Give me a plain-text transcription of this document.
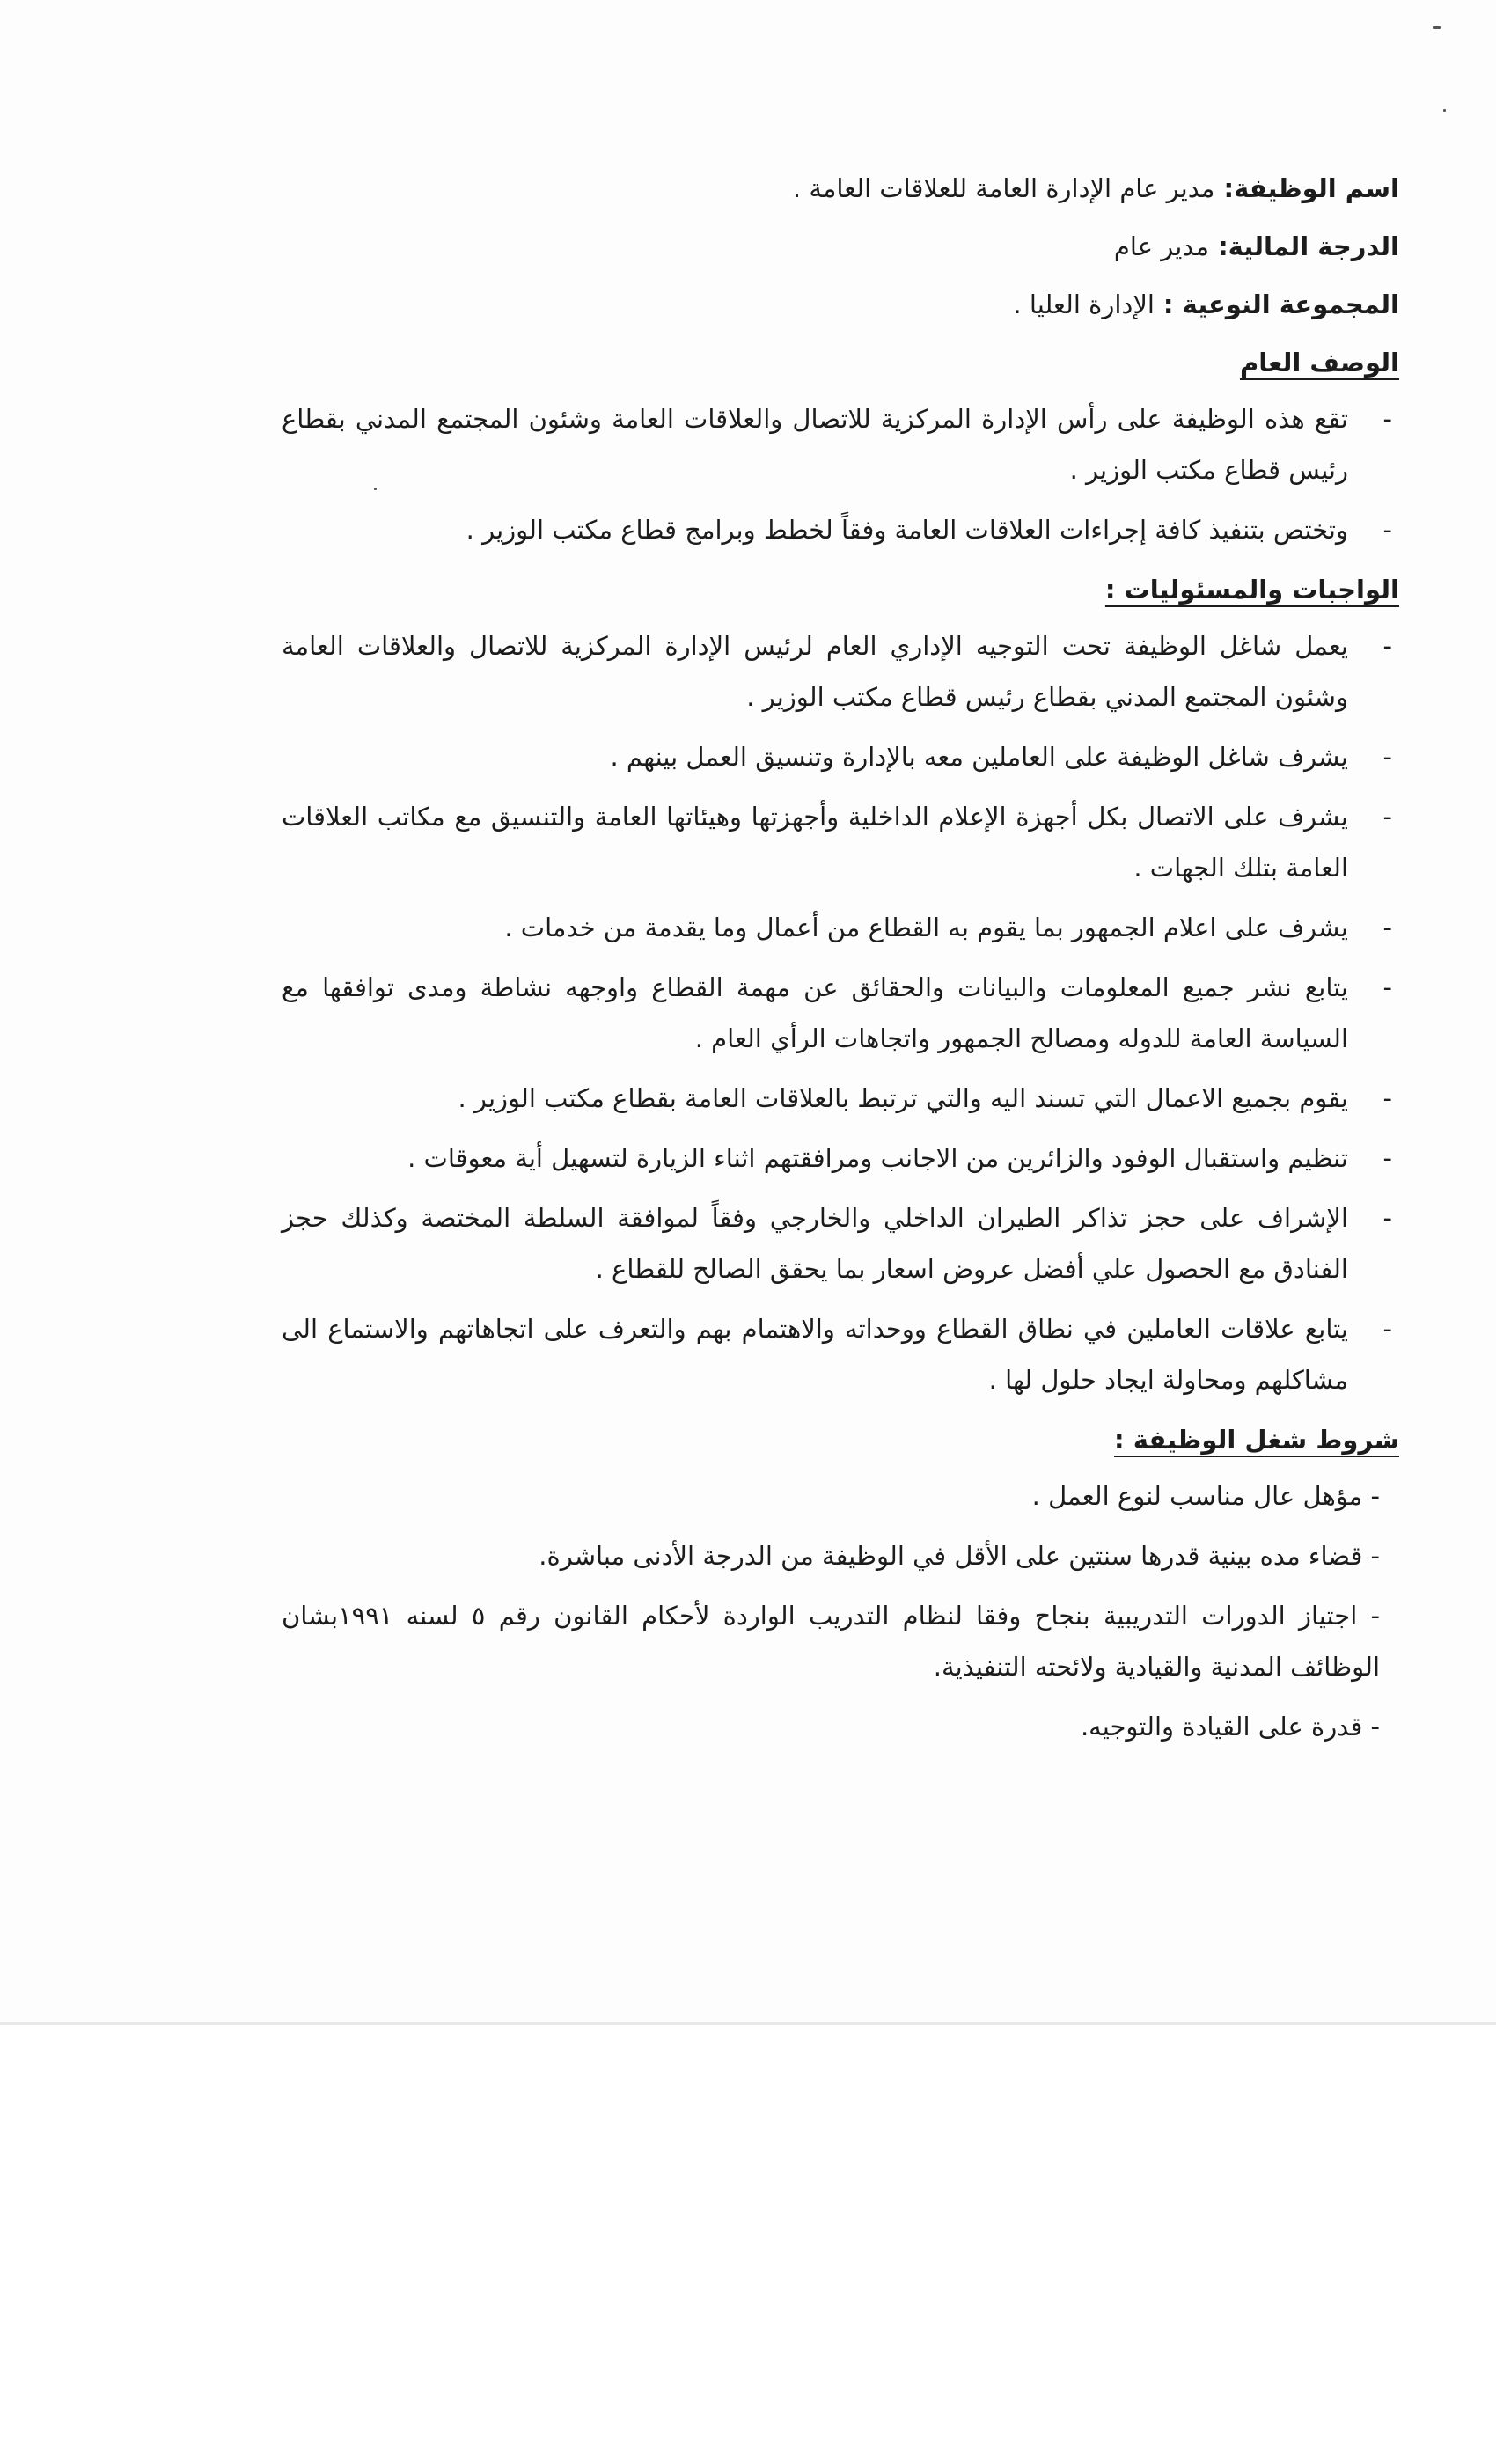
اسم الوظيفة:مدير عام الإدارة العامة للعلاقات العامة .
الدرجة المالية:مدير عام
المجموعة النوعية :الإدارة العليا .
الوصف العام
- تقع هذه الوظيفة على رأس الإدارة المركزية للاتصال والعلاقات العامة وشئون المجتمع المدني بقطاع رئيس قطاع مكتب الوزير .
- وتختص بتنفيذ كافة إجراءات العلاقات العامة وفقاً لخطط وبرامج قطاع مكتب الوزير .
الواجبات والمسئوليات :
- يعمل شاغل الوظيفة تحت التوجيه الإداري العام لرئيس الإدارة المركزية للاتصال والعلاقات العامة وشئون المجتمع المدني بقطاع رئيس قطاع مكتب الوزير .
- يشرف شاغل الوظيفة على العاملين معه بالإدارة وتنسيق العمل بينهم .
- يشرف على الاتصال بكل أجهزة الإعلام الداخلية وأجهزتها وهيئاتها العامة والتنسيق مع مكاتب العلاقات العامة بتلك الجهات .
- يشرف على اعلام الجمهور بما يقوم به القطاع من أعمال وما يقدمة من خدمات .
- يتابع نشر جميع المعلومات والبيانات والحقائق عن مهمة القطاع واوجهه نشاطة ومدى توافقها مع السياسة العامة للدوله ومصالح الجمهور واتجاهات الرأي العام .
- يقوم بجميع الاعمال التي تسند اليه والتي ترتبط بالعلاقات العامة بقطاع مكتب الوزير .
- تنظيم واستقبال الوفود والزائرين من الاجانب ومرافقتهم اثناء الزيارة لتسهيل أية معوقات .
- الإشراف على حجز تذاكر الطيران الداخلي والخارجي وفقاً لموافقة السلطة المختصة وكذلك حجز الفنادق مع الحصول علي أفضل عروض اسعار بما يحقق الصالح للقطاع .
- يتابع علاقات العاملين في نطاق القطاع ووحداته والاهتمام بهم والتعرف على اتجاهاتهم والاستماع الى مشاكلهم ومحاولة ايجاد حلول لها .
شروط شغل الوظيفة :
- مؤهل عال مناسب لنوع العمل .
- قضاء مده بينية قدرها سنتين على الأقل في الوظيفة من الدرجة الأدنى مباشرة.
- اجتياز الدورات التدريبية بنجاح وفقا لنظام التدريب الواردة لأحكام القانون رقم ٥ لسنه ١٩٩١بشان الوظائف المدنية والقيادية ولائحته التنفيذية.
- قدرة على القيادة والتوجيه.
